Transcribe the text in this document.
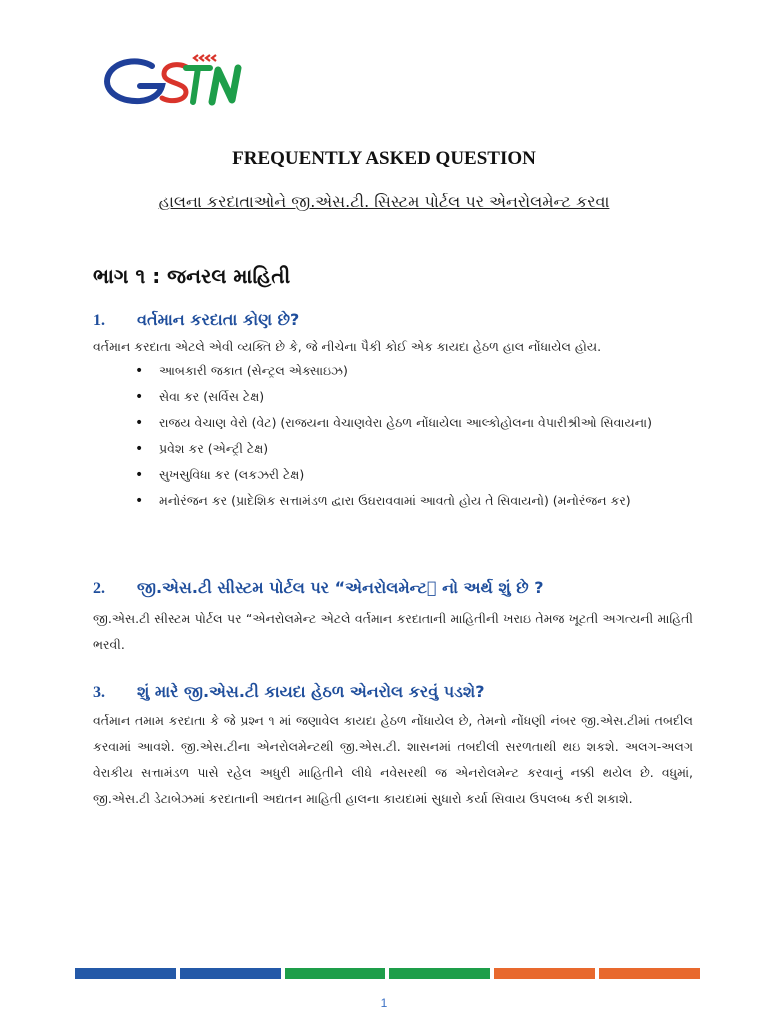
FREQUENTLY ASKED QUESTION
હાલના કરદાતાઓને જી.એસ.ટી. સિસ્ટમ પોર્ટલ પર એનરોલમેન્ટ કરવા
ભાગ ૧ : જનરલ માહિતી
1. વર્તમાન કરદાતા કોણ છે?
વર્તમાન કરદાતા એટલે એવી વ્યક્તિ છે કે, જે નીચેના પૈકી કોઈ એક કાયદા હેઠળ હાલ નોંધાયેલ હોય.
• આબકારી જકાત (સેન્ટ્રલ એક્સાઇઝ)
• સેવા કર (સર્વિસ ટેક્ષ)
• રાજય વેચાણ વેરો (વેટ) (રાજયના વેચાણવેરા હેઠળ નોંધાયેલા આલ્કોહોલના વેપારીશ્રીઓ સિવાયના)
• પ્રવેશ કર (એન્ટ્રી ટેક્ષ)
• સુખસુવિધા કર (લકઝરી ટેક્ષ)
• મનોરંજન કર (પ્રાદેશિક સત્તામંડળ દ્વારા ઉઘરાવવામાં આવતો હોય તે સિવાયનો) (મનોરંજન કર)
2. જી.એસ.ટી સીસ્ટમ પોર્ટલ પર “એનરોલમેન્ટ  નો અર્થ શું છે ?
જી.એસ.ટી સીસ્ટમ પોર્ટલ પર “એનરોલમેન્ટ એટલે વર્તમાન કરદાતાની માહિતીની ખરાઇ તેમજ ખૂટતી અગત્યની માહિતી ભરવી.
3. શું મારે જી.એસ.ટી કાયદા હેઠળ એનરોલ કરવું પડશે?
વર્તમાન તમામ કરદાતા કે જે પ્રશ્ન ૧ માં જણાવેલ કાયદા હેઠળ નોંધાયેલ છે, તેમનો નોંધણી નંબર જી.એસ.ટીમાં તબદીલ કરવામાં આવશે. જી.એસ.ટીના એનરોલમેન્ટથી જી.એસ.ટી. શાસનમાં તબદીલી સરળતાથી થઇ શકશે. અલગ-અલગ વેરાકીય સત્તામંડળ પાસે રહેલ અધુરી માહિતીને લીધે નવેસરથી જ એનરોલમેન્ટ કરવાનું નક્કી થયેલ છે. વધુમાં, જી.એસ.ટી ડેટાબેઝમાં કરદાતાની અદ્યતન માહિતી હાલના કાયદામાં સુધારો કર્યા સિવાય ઉપલબ્ધ કરી શકાશે.
1
